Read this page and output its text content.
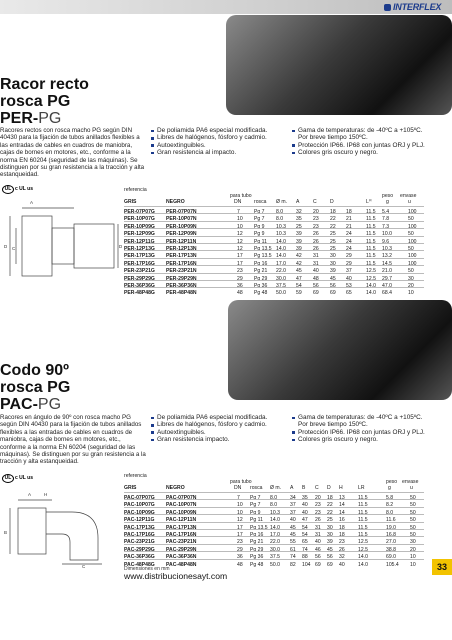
INTERFLEX
Racor recto
rosca PG
PER-PG
Racores rectos con rosca macho PG según DIN 40430 para la fijación de tubos anillados flexibles a las entradas de cables en cuadros de maniobra, cajas de bornes en motores, etc., conforme a la norma EN 60204 (seguridad de las máquinas). Se distinguen por su gran resistencia a la tracción y alta estanqueidad.
De poliamida PA6 especial modificada.
Libres de halógenos, fósforo y cadmio.
Autoextinguibles.
Gran resistencia al impacto.
Gama de temperaturas: de -40ºC a +105ºC. Por breve tiempo 150ºC.
Protección IP66. IP68 con juntas ORJ y PLJ.
Colores gris oscuro y negro.
UL c UL us
A
D C	D
referencia
GRIS	NEGRO
para tubo
DN rosca Ø m. A	C	D	Lꟸ
peso
g
envase
u
PER-07P07G PER-07P07N	7	Pg 7 8.0	32 20 18 18	11.5 5.4	100
PER-10P07G PER-10P07N	10 Pg 7 8.0	35 23 22 21	11.5 7.8	50
PER-10P09G PER-10P09N	10 Pg 9 10.3 25 23 22 21	11.5 7.3	100
PER-12P09G PER-12P09N	12 Pg 9 10.3 39 26 25 24	11.5 10.0	50
PER-12P11G PER-12P11N	12 Pg 11 14.0 39 26 25 24	11.5 9.6	100
PER-12P13G PER-12P13N	12 Pg 13.5 14.0 39 26 25 24	11.5 10.3	50
PER-17P13G PER-17P13N	17 Pg 13.5 14.0 42 31 30 29	11.5 13.2	100
PER-17P16G PER-17P16N	17 Pg 16 17.0 42 31 30 29	11.5 14.5	100
PER-23P21G PER-23P21N	23 Pg 21 22.0 45 40 39 37	12.5 21.0	50
PER-29P29G PER-29P29N	29 Pg 29 30.0 47 48 45 40	12.5 29.7	30
PER-36P36G PER-36P36N	36 Pg 36 37.5 54 56 56 53	14.0 47.0	20
PER-48P48G PER-48P48N	48 Pg 48 50.0 59 69 69 65	14.0 68.4	10
Codo 90º
rosca PG
PAC-PG
Racores en ángulo de 90º con rosca macho PG según DIN 40430 para la fijación de tubos anillados flexibles a las entradas de cables en cuadros de maniobra, cajas de bornes en motores, etc., conforme a la norma EN 60204 (seguridad de las máquinas). Se distinguen por su gran resistencia a la tracción y alta estanqueidad.
De poliamida PA6 especial modificada.
Libres de halógenos, fósforo y cadmio.
Autoextinguibles.
Gran resistencia impacto.
Gama de temperaturas: de -40ºC a +105ºC. Por breve tiempo 150ºC.
Protección IP66. IP68 con juntas ORJ y PLJ.
Colores gris oscuro y negro.
UL c UL us
A	H
B
C
referencia
GRIS	NEGRO
para tubo
DN rosca Ø m. A B C D H	LR
peso
g
envase
u
PAC-07P07G PAC-07P07N	7 Pg 7 8.0	34 35 20 18 13	11.5	5.8	50
PAC-10P07G PAC-10P07N	10 Pg 7 8.0	37 40 23 22 14	11.5	8.2	50
PAC-10P09G PAC-10P09N	10 Pg 9 10.3 37 40 23 22 14	11.5	8.0	50
PAC-12P11G PAC-12P11N	12 Pg 11 14.0 40 47 26 25 16	11.5	11.6	50
PAC-17P13G PAC-17P13N	17 Pg 13.5 14.0 45 54 31 30 18	11.5	19.0	50
PAC-17P16G PAC-17P16N	17 Pg 16 17.0 45 54 31 30 18	11.5	16.8	50
PAC-23P21G PAC-23P21N	23 Pg 21 22.0 55 65 40 39 23	12.5	27.0	30
PAC-29P29G PAC-29P29N	29 Pg 29 30.0 61 74 46 45 26	12.5	38.8	20
PAC-36P36G PAC-36P36N	36 Pg 36 37.5 74 88 56 56 32	14.0	69.0	10
PAC-48P48G PAC-48P48N	48 Pg 48 50.0 82 104 69 69 40	14.0	105.4 10
Dimensiones en mm
www.distribucionesayt.com
33
